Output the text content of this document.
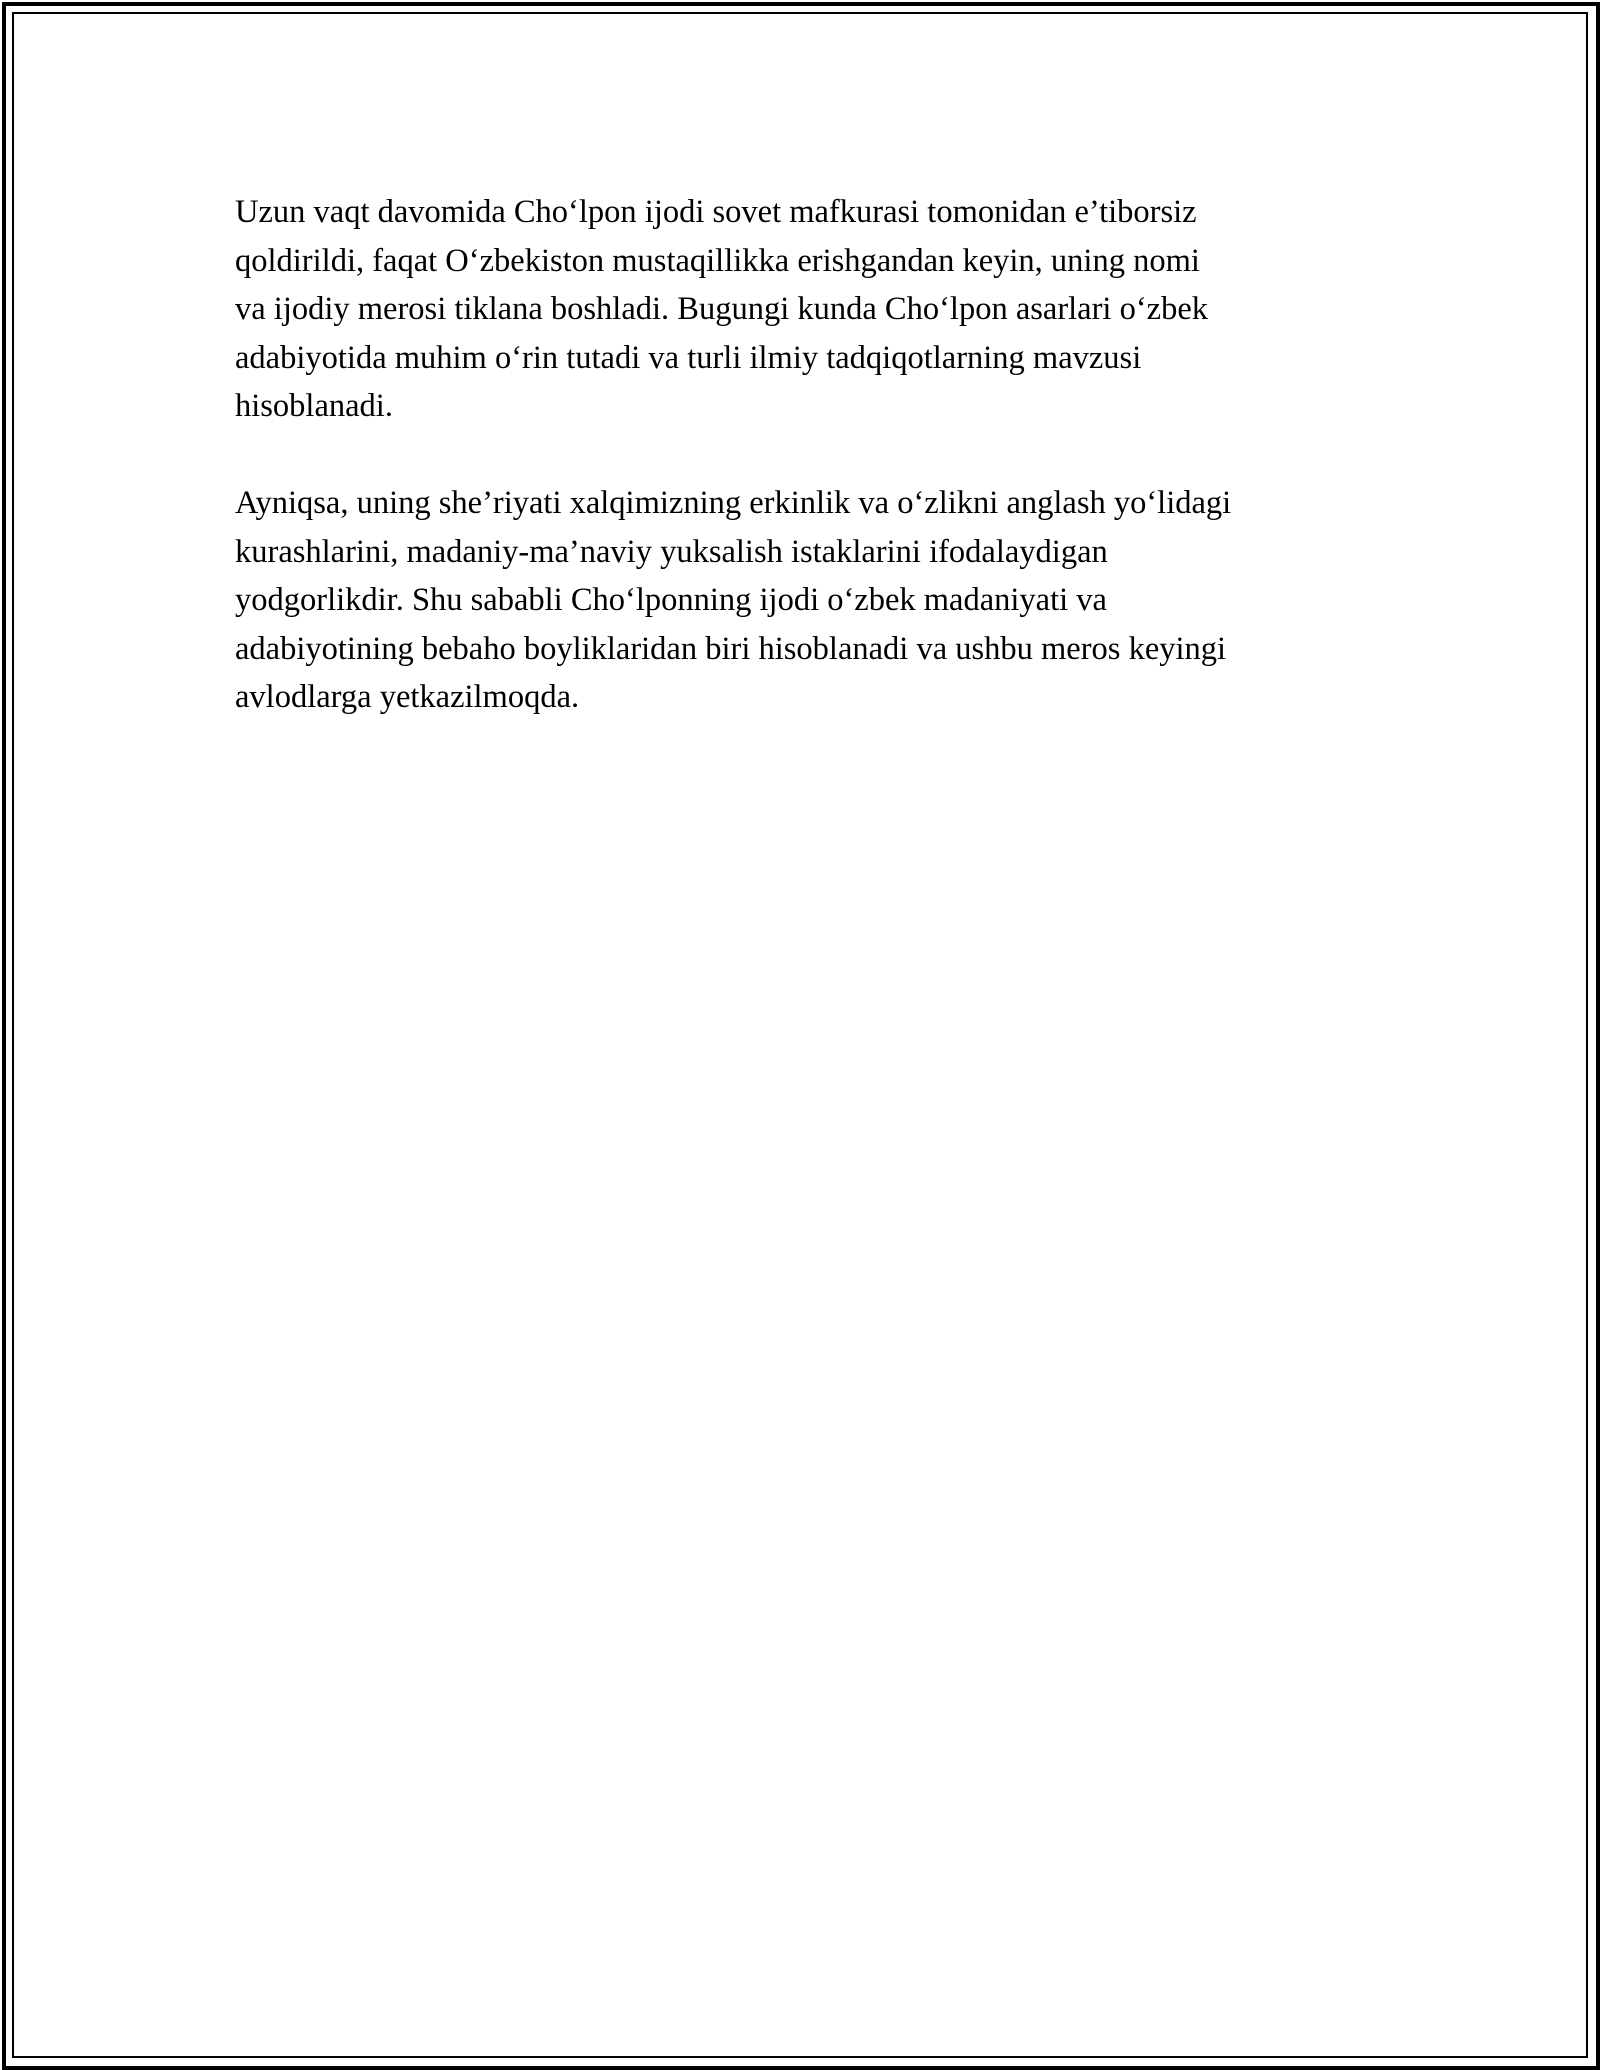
Uzun vaqt davomida Cho‘lpon ijodi sovet mafkurasi tomonidan e’tiborsiz
qoldirildi, faqat O‘zbekiston mustaqillikka erishgandan keyin, uning nomi
va ijodiy merosi tiklana boshladi. Bugungi kunda Cho‘lpon asarlari o‘zbek
adabiyotida muhim o‘rin tutadi va turli ilmiy tadqiqotlarning mavzusi
hisoblanadi.

Ayniqsa, uning she’riyati xalqimizning erkinlik va o‘zlikni anglash yo‘lidagi
kurashlarini, madaniy-ma’naviy yuksalish istaklarini ifodalaydigan
yodgorlikdir. Shu sababli Cho‘lponning ijodi o‘zbek madaniyati va
adabiyotining bebaho boyliklaridan biri hisoblanadi va ushbu meros keyingi
avlodlarga yetkazilmoqda.
